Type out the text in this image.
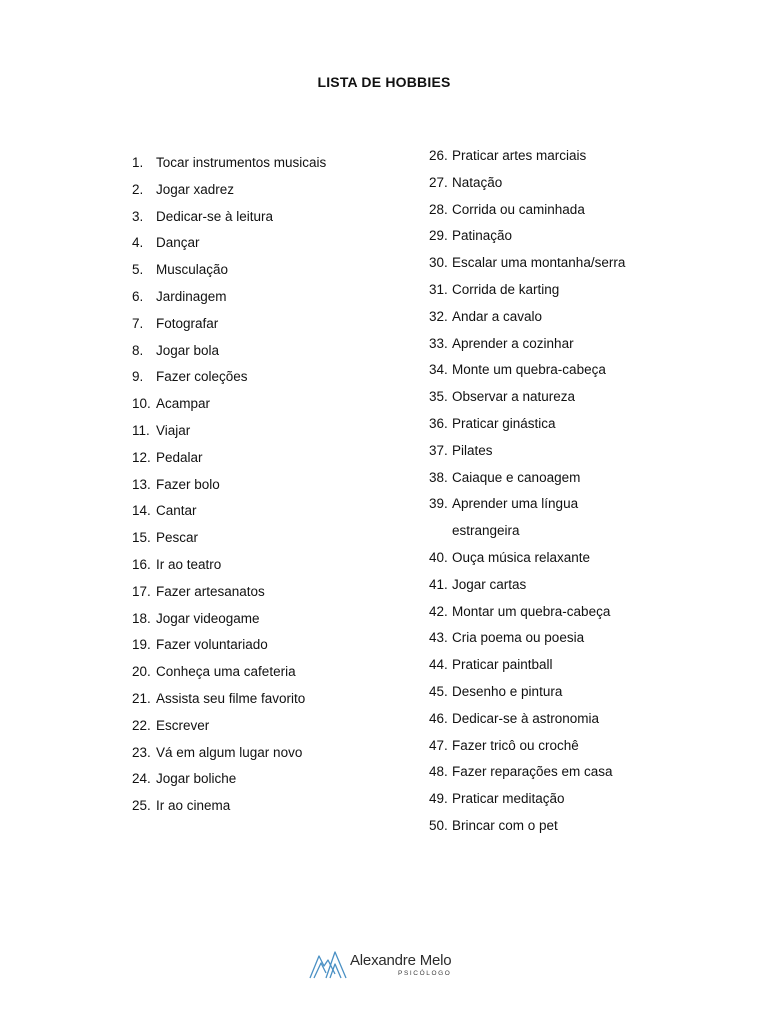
LISTA DE HOBBIES
1. Tocar instrumentos musicais
2. Jogar xadrez
3. Dedicar-se à leitura
4. Dançar
5. Musculação
6. Jardinagem
7. Fotografar
8. Jogar bola
9. Fazer coleções
10. Acampar
11. Viajar
12. Pedalar
13. Fazer bolo
14. Cantar
15. Pescar
16. Ir ao teatro
17. Fazer artesanatos
18. Jogar videogame
19. Fazer voluntariado
20. Conheça uma cafeteria
21. Assista seu filme favorito
22. Escrever
23. Vá em algum lugar novo
24. Jogar boliche
25. Ir ao cinema
26. Praticar artes marciais
27. Natação
28. Corrida ou caminhada
29. Patinação
30. Escalar uma montanha/serra
31. Corrida de karting
32. Andar a cavalo
33. Aprender a cozinhar
34. Monte um quebra-cabeça
35. Observar a natureza
36. Praticar ginástica
37. Pilates
38. Caiaque e canoagem
39. Aprender uma língua estrangeira
40. Ouça música relaxante
41. Jogar cartas
42. Montar um quebra-cabeça
43. Cria poema ou poesia
44. Praticar paintball
45. Desenho e pintura
46. Dedicar-se à astronomia
47. Fazer tricô ou crochê
48. Fazer reparações em casa
49. Praticar meditação
50. Brincar com o pet
Alexandre Melo
PSICÓLOGO
